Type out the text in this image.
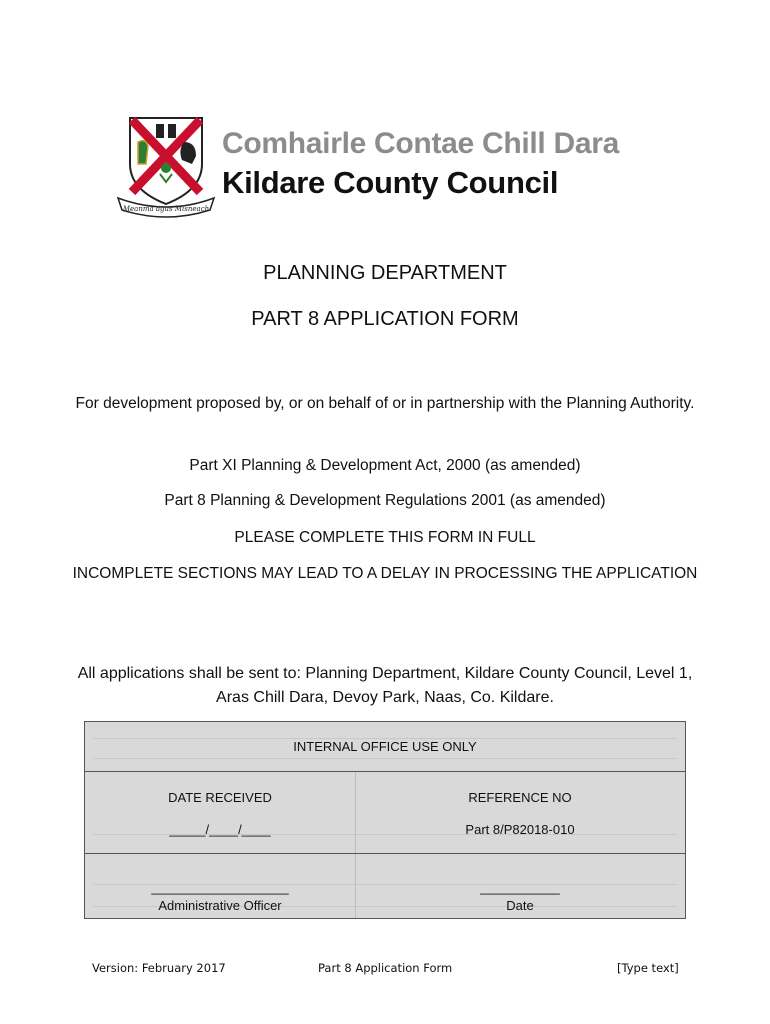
Meanma agus Misneach
Comhairle Contae Chill Dara
Kildare County Council
PLANNING DEPARTMENT
PART 8 APPLICATION FORM
For development proposed by, or on behalf of or in partnership with the Planning Authority.
Part XI Planning & Development Act, 2000 (as amended)
Part 8 Planning & Development Regulations 2001 (as amended)
PLEASE COMPLETE THIS FORM IN FULL
INCOMPLETE SECTIONS MAY LEAD TO A DELAY IN PROCESSING THE APPLICATION
All applications shall be sent to: Planning Department, Kildare County Council, Level 1, Aras Chill Dara, Devoy Park, Naas, Co. Kildare.
INTERNAL OFFICE USE ONLY
DATE RECEIVED
_____/____/____
REFERENCE NO
Part 8/P82018-010
___________________
Administrative Officer
___________
Date
Version: February 2017	Part 8 Application Form	[Type text]
